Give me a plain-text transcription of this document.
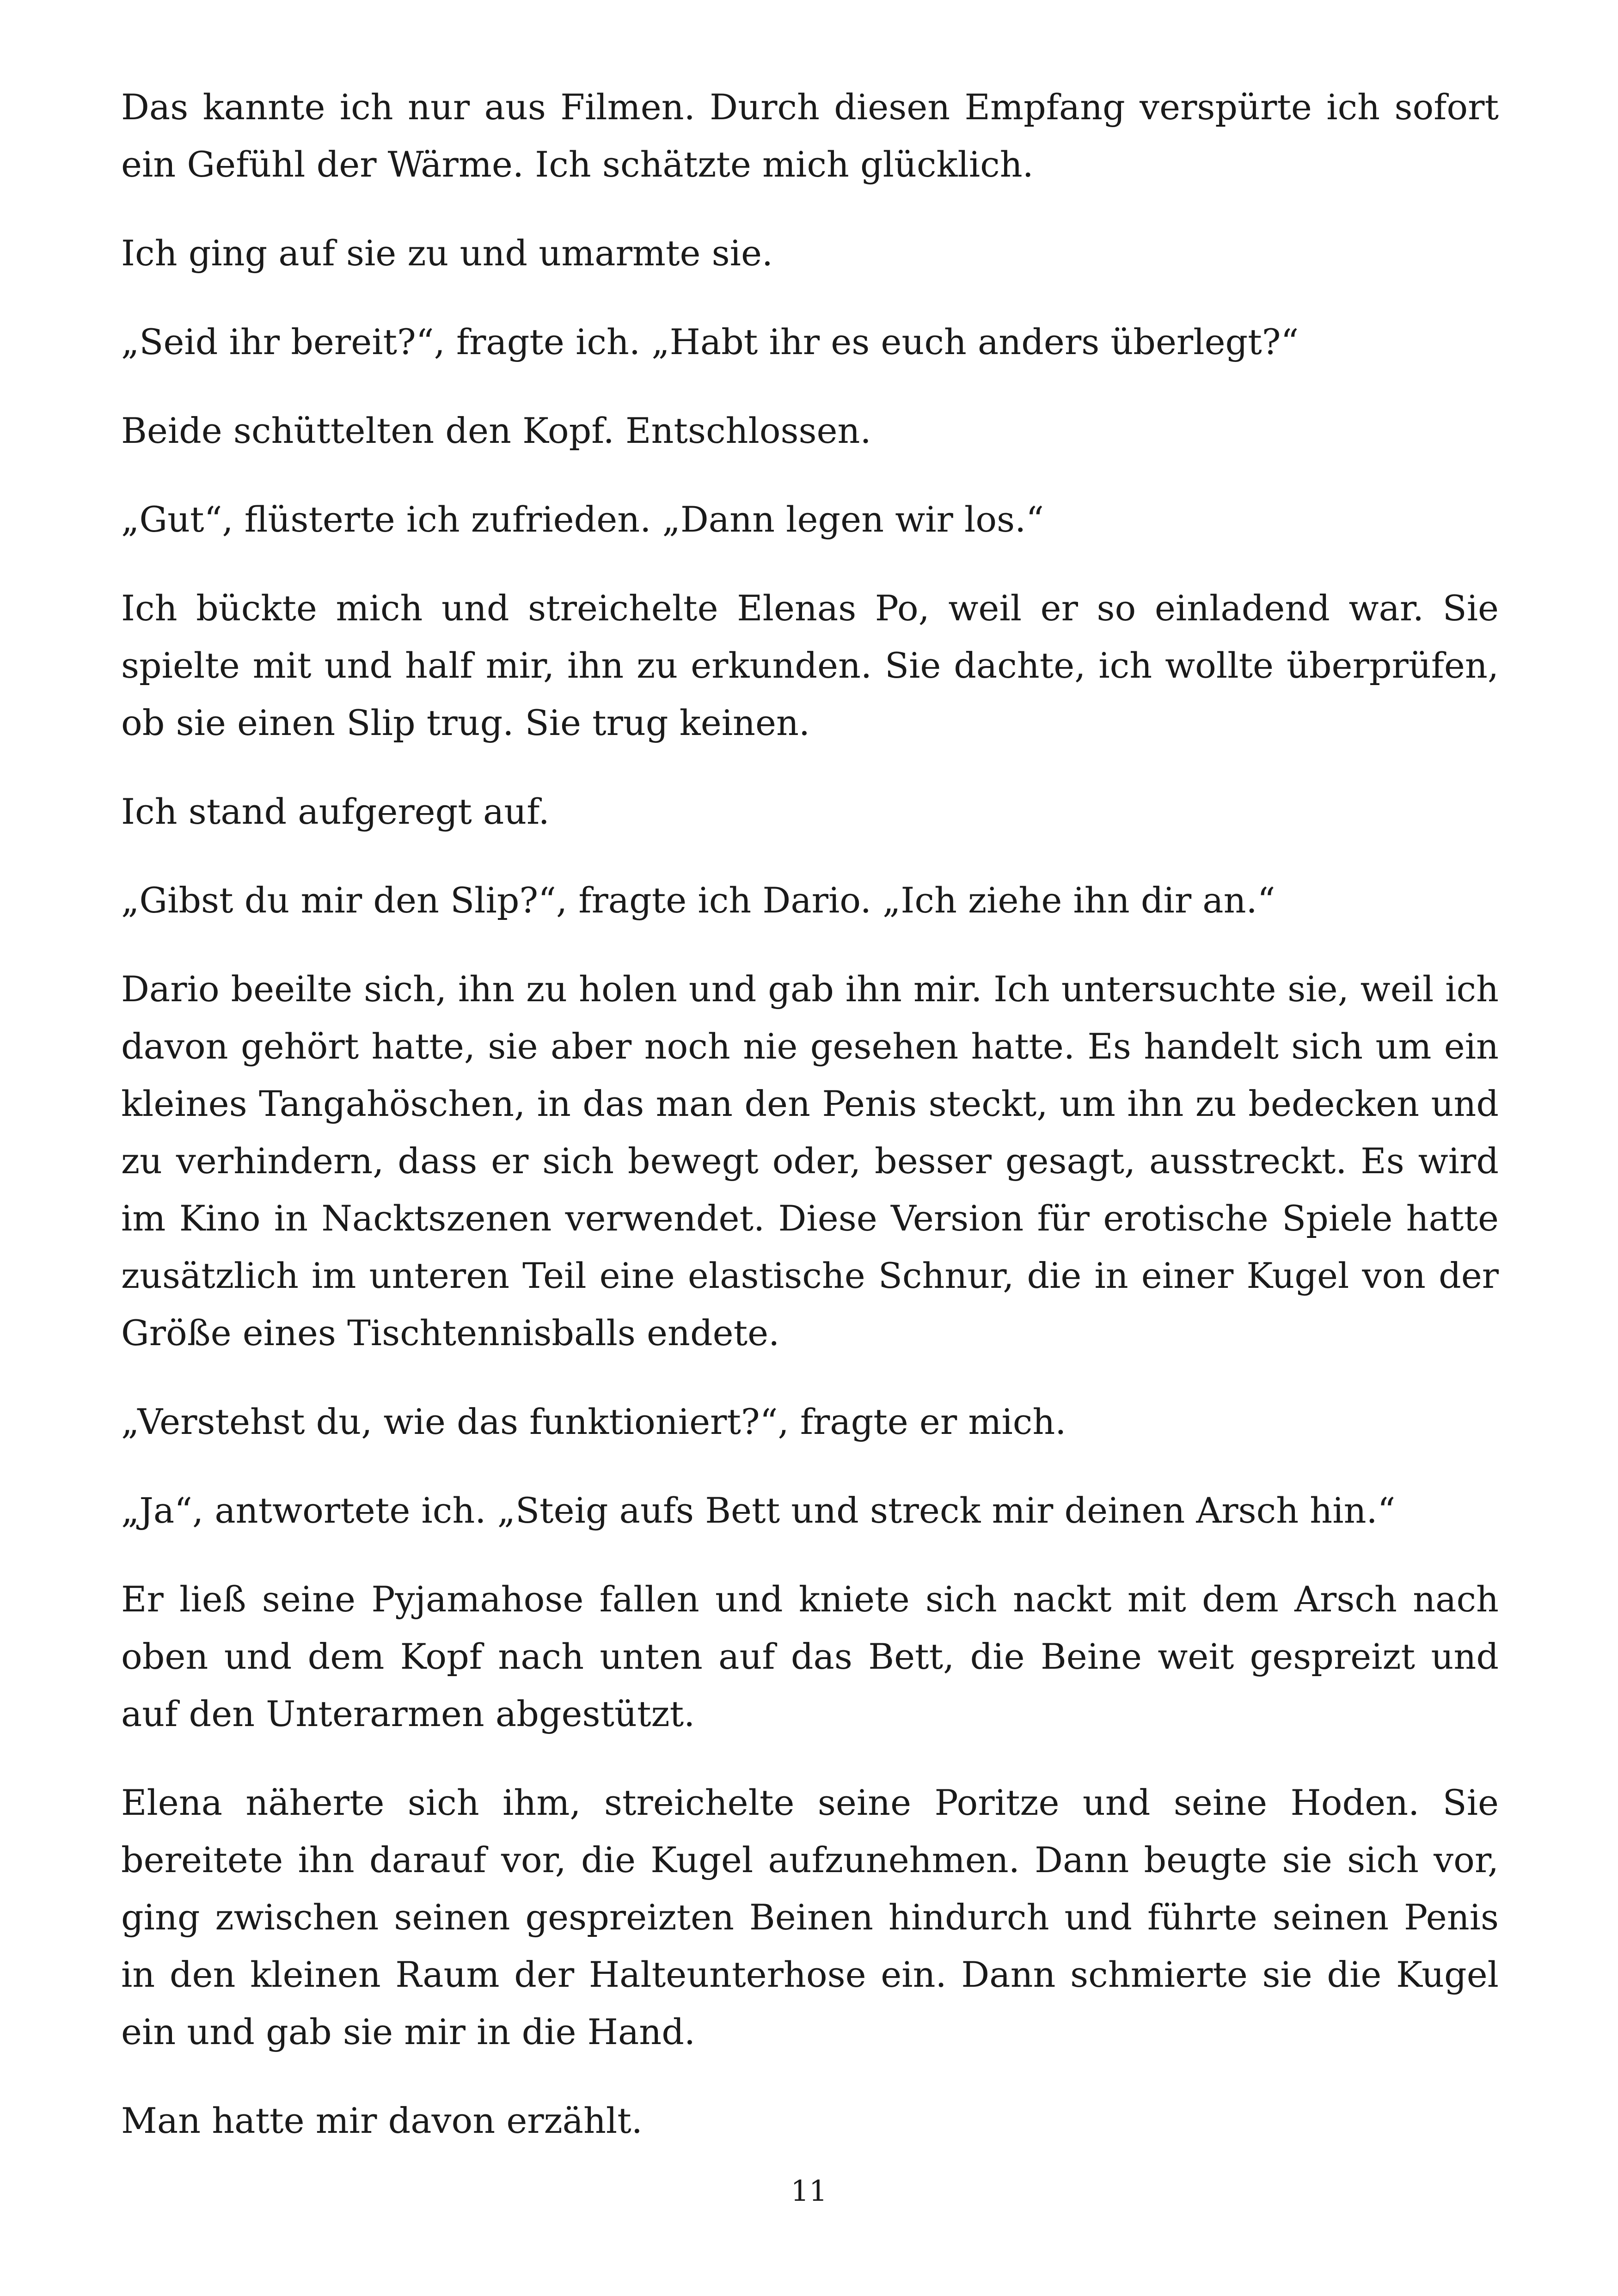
Das kannte ich nur aus Filmen. Durch diesen Empfang verspürte ich sofort ein Gefühl der Wärme. Ich schätzte mich glücklich.

Ich ging auf sie zu und umarmte sie.

„Seid ihr bereit?“, fragte ich. „Habt ihr es euch anders überlegt?“

Beide schüttelten den Kopf. Entschlossen.

„Gut“, flüsterte ich zufrieden. „Dann legen wir los.“

Ich bückte mich und streichelte Elenas Po, weil er so einladend war. Sie spielte mit und half mir, ihn zu erkunden. Sie dachte, ich wollte überprüfen, ob sie einen Slip trug. Sie trug keinen.

Ich stand aufgeregt auf.

„Gibst du mir den Slip?“, fragte ich Dario. „Ich ziehe ihn dir an.“

Dario beeilte sich, ihn zu holen und gab ihn mir. Ich untersuchte sie, weil ich davon gehört hatte, sie aber noch nie gesehen hatte. Es handelt sich um ein kleines Tangahöschen, in das man den Penis steckt, um ihn zu bedecken und zu verhindern, dass er sich bewegt oder, besser gesagt, ausstreckt. Es wird im Kino in Nacktszenen verwendet. Diese Version für erotische Spiele hatte zusätzlich im unteren Teil eine elastische Schnur, die in einer Kugel von der Größe eines Tischtennisballs endete.

„Verstehst du, wie das funktioniert?“, fragte er mich.

„Ja“, antwortete ich. „Steig aufs Bett und streck mir deinen Arsch hin.“

Er ließ seine Pyjamahose fallen und kniete sich nackt mit dem Arsch nach oben und dem Kopf nach unten auf das Bett, die Beine weit gespreizt und auf den Unterarmen abgestützt.

Elena näherte sich ihm, streichelte seine Poritze und seine Hoden. Sie bereitete ihn darauf vor, die Kugel aufzunehmen. Dann beugte sie sich vor, ging zwischen seinen gespreizten Beinen hindurch und führte seinen Penis in den kleinen Raum der Halteunterhose ein. Dann schmierte sie die Kugel ein und gab sie mir in die Hand.

Man hatte mir davon erzählt.

11
